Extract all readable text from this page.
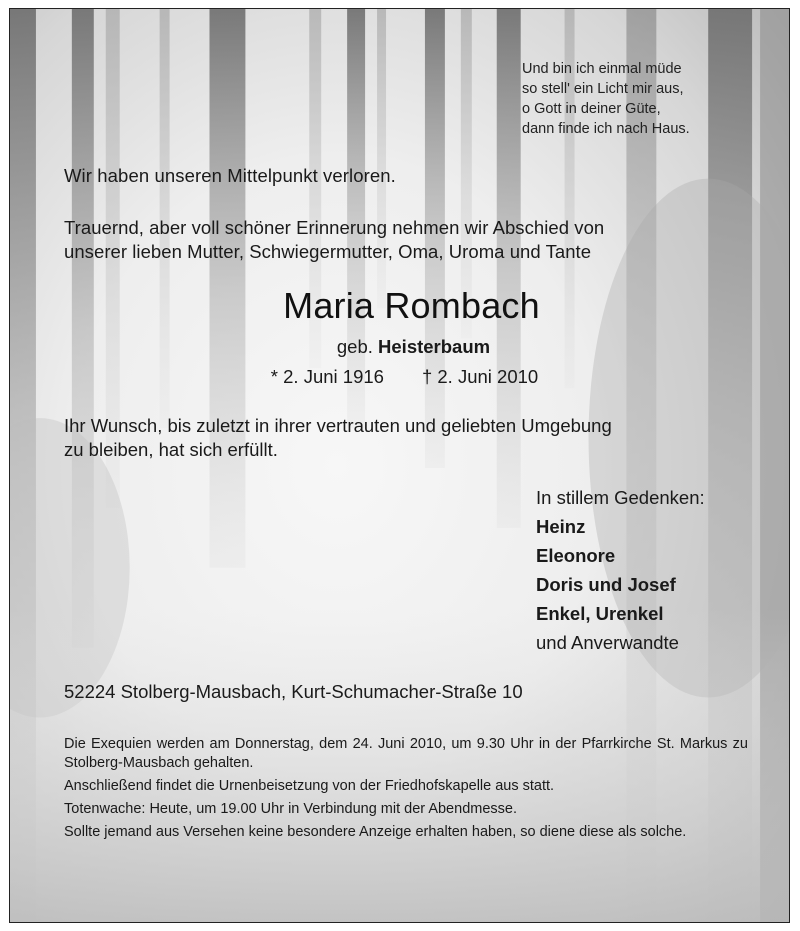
Und bin ich einmal müde
so stell' ein Licht mir aus,
o Gott in deiner Güte,
dann finde ich nach Haus.
Wir haben unseren Mittelpunkt verloren.
Trauernd, aber voll schöner Erinnerung nehmen wir Abschied von
unserer lieben Mutter, Schwiegermutter, Oma, Uroma und Tante
Maria Rombach
geb. Heisterbaum
* 2. Juni 1916 † 2. Juni 2010
Ihr Wunsch, bis zuletzt in ihrer vertrauten und geliebten Umgebung
zu bleiben, hat sich erfüllt.
In stillem Gedenken:
Heinz
Eleonore
Doris und Josef
Enkel, Urenkel
und Anverwandte
52224 Stolberg-Mausbach, Kurt-Schumacher-Straße 10

Die Exequien werden am Donnerstag, dem 24. Juni 2010, um 9.30 Uhr in der Pfarrkirche St. Markus zu Stolberg-Mausbach gehalten.

Anschließend findet die Urnenbeisetzung von der Friedhofskapelle aus statt.

Totenwache: Heute, um 19.00 Uhr in Verbindung mit der Abendmesse.

Sollte jemand aus Versehen keine besondere Anzeige erhalten haben, so diene diese als solche.
